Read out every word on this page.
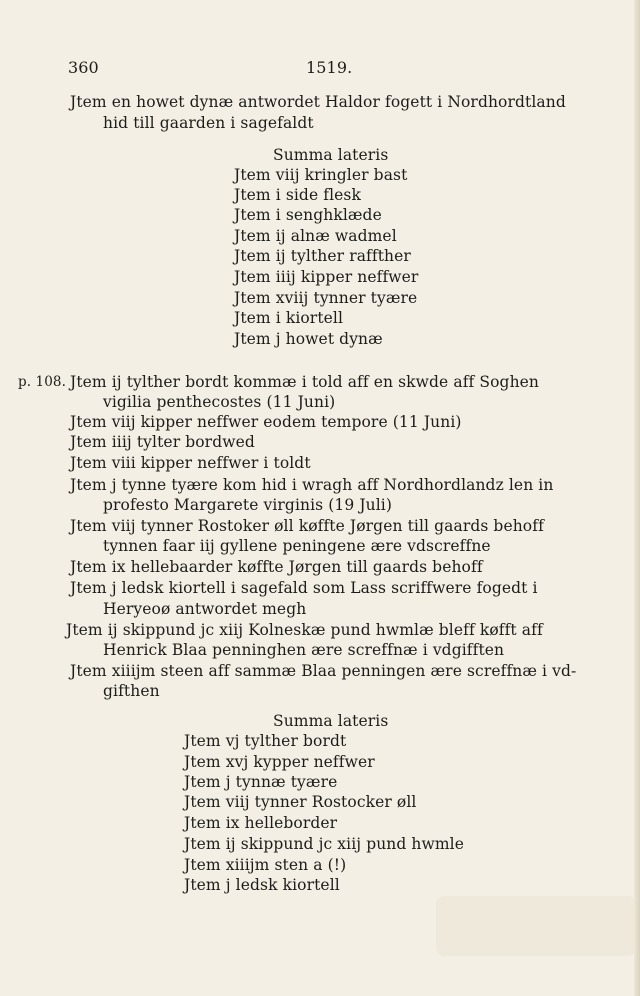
360	1519.
Jtem en howet dynæ antwordet Haldor fogett i Nordhordtland
hid till gaarden i sagefaldt
Summa lateris
Jtem viij kringler bast
Jtem i side flesk
Jtem i senghklæde
Jtem ij alnæ wadmel
Jtem ij tylther raffther
Jtem iiij kipper neffwer
Jtem xviij tynner tyære
Jtem i kiortell
Jtem j howet dynæ
p. 108. Jtem ij tylther bordt kommæ i told aff en skwde aff Soghen
vigilia penthecostes (11 Juni)
Jtem viij kipper neffwer eodem tempore (11 Juni)
Jtem iiij tylter bordwed
Jtem viii kipper neffwer i toldt
Jtem j tynne tyære kom hid i wragh aff Nordhordlandz len in
profesto Margarete virginis (19 Juli)
Jtem viij tynner Rostoker øll køffte Jørgen till gaards behoff
tynnen faar iij gyllene peningene ære vdscreffne
Jtem ix hellebaarder køffte Jørgen till gaards behoff
Jtem j ledsk kiortell i sagefald som Lass scriffwere fogedt i
Heryeoø antwordet megh
Jtem ij skippund jc xiij Kolneskæ pund hwmlæ bleff køfft aff
Henrick Blaa penninghen ære screffnæ i vdgifften
Jtem xiiijm steen aff sammæ Blaa penningen ære screffnæ i vd-
gifthen
Summa lateris
Jtem vj tylther bordt
Jtem xvj kypper neffwer
Jtem j tynnæ tyære
Jtem viij tynner Rostocker øll
Jtem ix helleborder
Jtem ij skippund jc xiij pund hwmle
Jtem xiiijm sten a (!)
Jtem j ledsk kiortell
